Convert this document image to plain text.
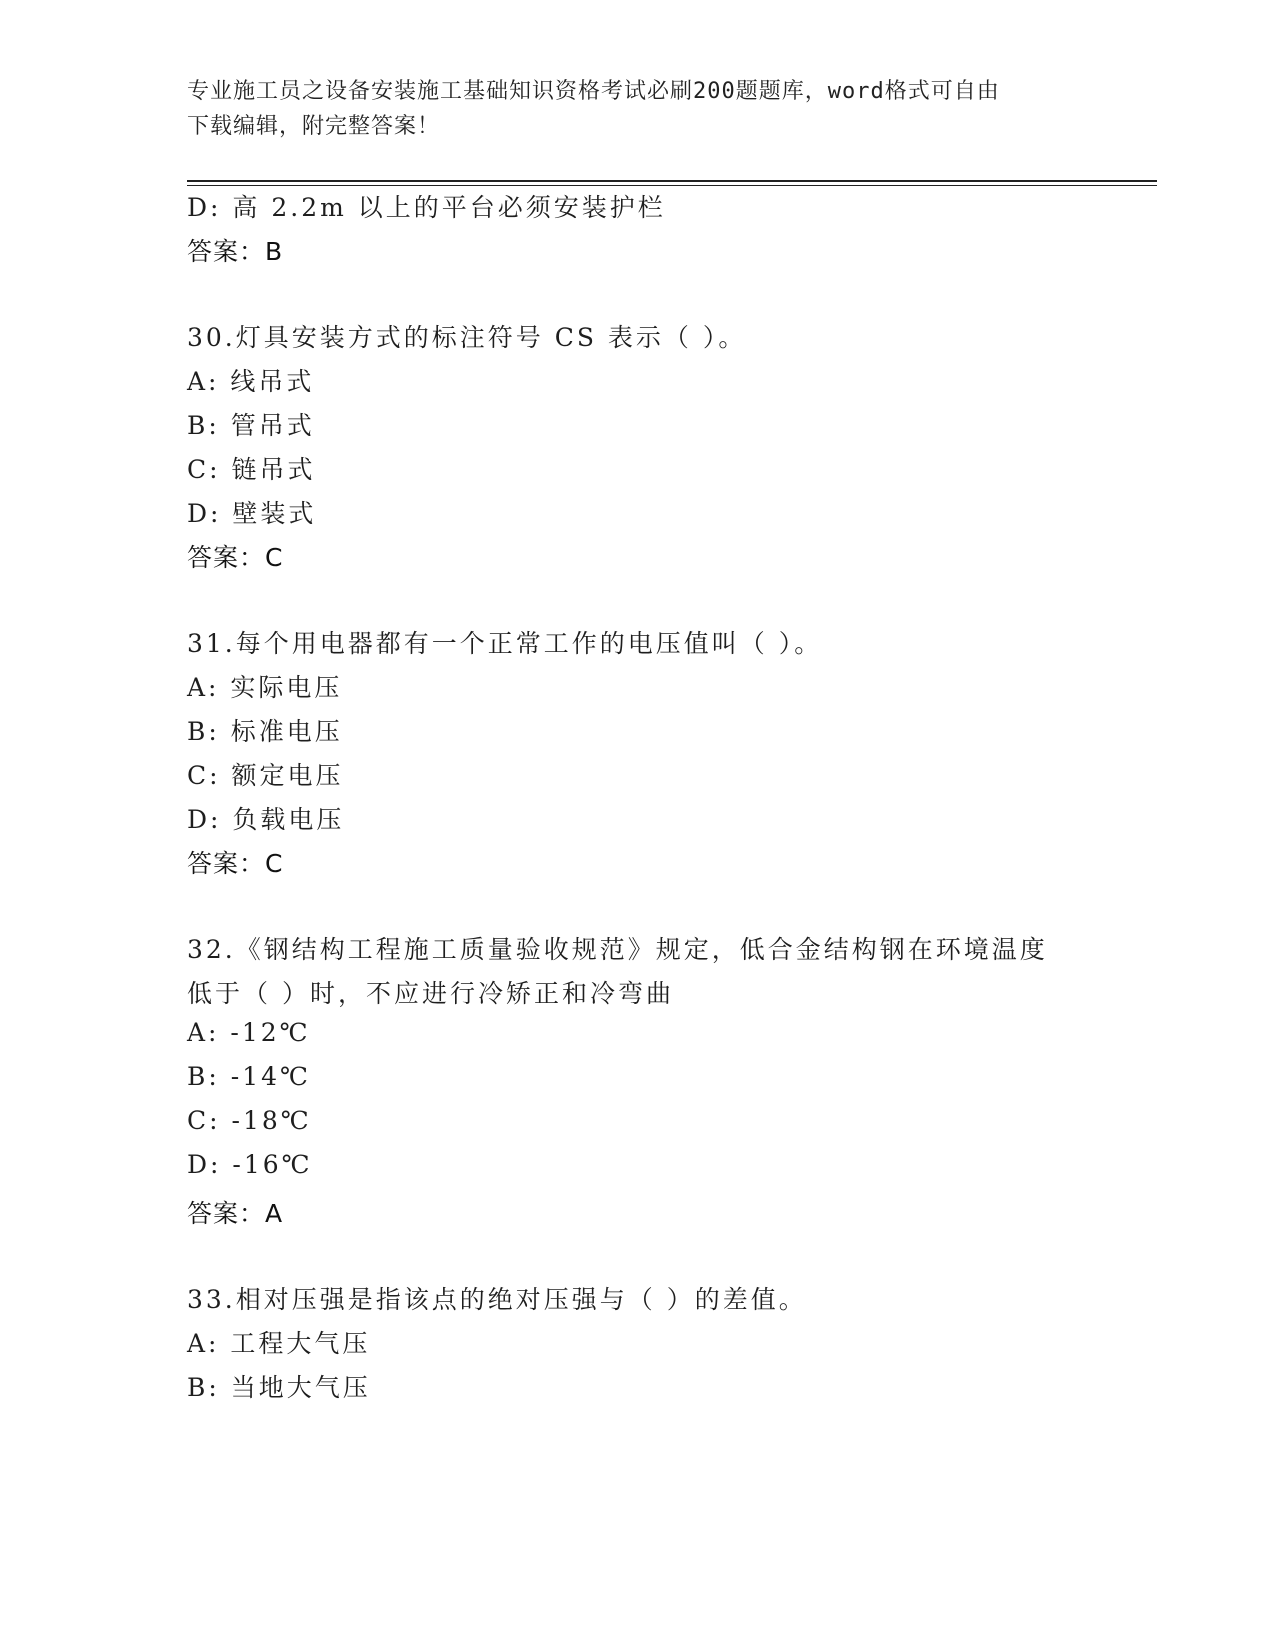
专业施工员之设备安装施工基础知识资格考试必刷200题题库，word格式可自由
下载编辑，附完整答案！
D: 高 2.2m 以上的平台必须安装护栏
答案：B
30.灯具安装方式的标注符号 CS 表示（ ）。
A: 线吊式
B: 管吊式
C: 链吊式
D: 壁装式
答案：C
31.每个用电器都有一个正常工作的电压值叫（ ）。
A: 实际电压
B: 标准电压
C: 额定电压
D: 负载电压
答案：C
32.《钢结构工程施工质量验收规范》规定，低合金结构钢在环境温度
低于（ ）时，不应进行冷矫正和冷弯曲
A: -12℃
B: -14℃
C: -18℃
D: -16℃
答案：A
33.相对压强是指该点的绝对压强与（ ）的差值。
A: 工程大气压
B: 当地大气压
